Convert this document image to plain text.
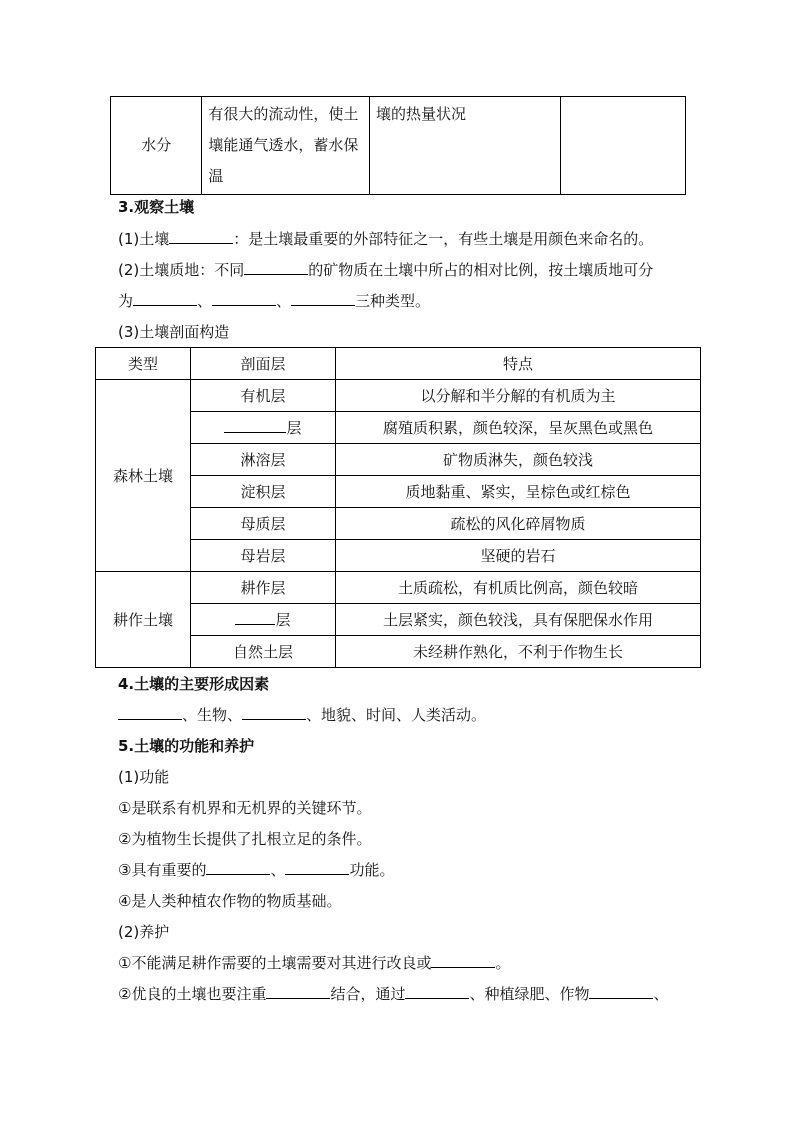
水分	有很大的流动性，使土壤能通气透水，蓄水保温	壤的热量状况	
3.观察土壤
(1)土壤	：是土壤最重要的外部特征之一，有些土壤是用颜色来命名的。
(2)土壤质地：不同	的矿物质在土壤中所占的相对比例，按土壤质地可分
为	、	、	三种类型。
(3)土壤剖面构造
类型	剖面层	特点
森林土壤	有机层	以分解和半分解的有机质为主
	层	腐殖质积累，颜色较深，呈灰黑色或黑色
	淋溶层	矿物质淋失，颜色较浅
	淀积层	质地黏重、紧实，呈棕色或红棕色
	母质层	疏松的风化碎屑物质
	母岩层	坚硬的岩石
耕作土壤	耕作层	土质疏松，有机质比例高，颜色较暗
	层	土层紧实，颜色较浅，具有保肥保水作用
	自然土层	未经耕作熟化，不利于作物生长
4.土壤的主要形成因素
、生物、	、地貌、时间、人类活动。
5.土壤的功能和养护
(1)功能
①是联系有机界和无机界的关键环节。
②为植物生长提供了扎根立足的条件。
③具有重要的	、	功能。
④是人类种植农作物的物质基础。
(2)养护
①不能满足耕作需要的土壤需要对其进行改良或	。
②优良的土壤也要注重	结合，通过	、种植绿肥、作物	、
